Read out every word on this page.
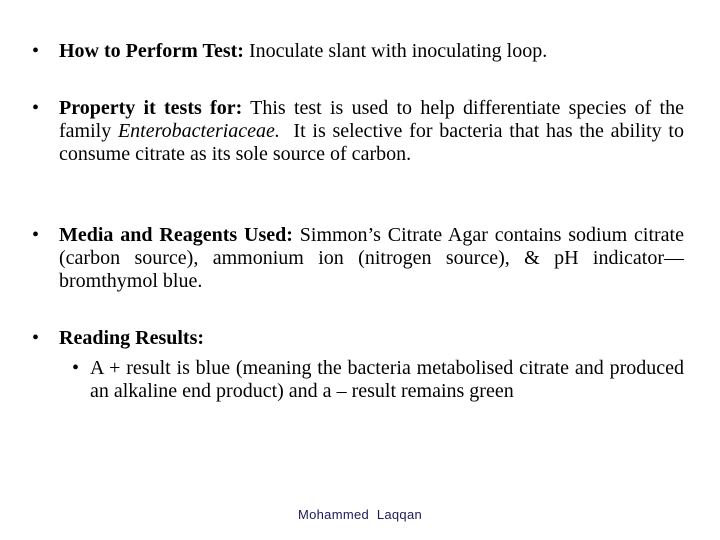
• How to Perform Test: Inoculate slant with inoculating loop.
• Property it tests for: This test is used to help differentiate species of the family Enterobacteriaceae.  It is selective for bacteria that has the ability to consume citrate as its sole source of carbon.
• Media and Reagents Used: Simmon’s Citrate Agar contains sodium citrate (carbon source), ammonium ion (nitrogen source), & pH indicator—bromthymol blue.
• Reading Results:
• A + result is blue (meaning the bacteria metabolised citrate and produced an alkaline end product) and a – result remains green
Mohammed  Laqqan
